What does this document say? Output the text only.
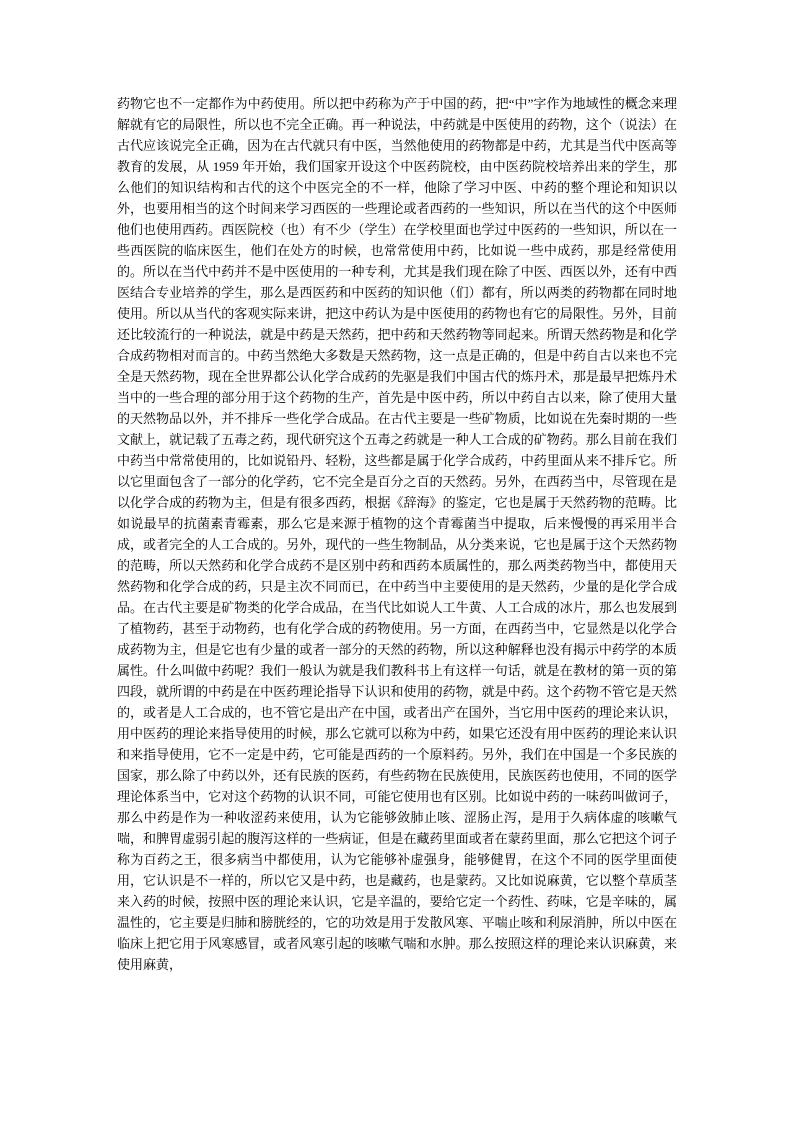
药物它也不一定都作为中药使用。所以把中药称为产于中国的药，把“中”字作为地域性的概念来理解就有它的局限性，所以也不完全正确。再一种说法，中药就是中医使用的药物，这个（说法）在古代应该说完全正确，因为在古代就只有中医，当然他使用的药物都是中药，尤其是当代中医高等教育的发展，从 1959 年开始，我们国家开设这个中医药院校，由中医药院校培养出来的学生，那么他们的知识结构和古代的这个中医完全的不一样，他除了学习中医、中药的整个理论和知识以外，也要用相当的这个时间来学习西医的一些理论或者西药的一些知识，所以在当代的这个中医师他们也使用西药。西医院校（也）有不少（学生）在学校里面也学过中医药的一些知识，所以在一些西医院的临床医生，他们在处方的时候，也常常使用中药，比如说一些中成药，那是经常使用的。所以在当代中药并不是中医使用的一种专利，尤其是我们现在除了中医、西医以外，还有中西医结合专业培养的学生，那么是西医药和中医药的知识他（们）都有，所以两类的药物都在同时地使用。所以从当代的客观实际来讲，把这中药认为是中医使用的药物也有它的局限性。另外，目前还比较流行的一种说法，就是中药是天然药，把中药和天然药物等同起来。所谓天然药物是和化学合成药物相对而言的。中药当然绝大多数是天然药物，这一点是正确的，但是中药自古以来也不完全是天然药物，现在全世界都公认化学合成药的先驱是我们中国古代的炼丹术，那是最早把炼丹术当中的一些合理的部分用于这个药物的生产，首先是中医中药，所以中药自古以来，除了使用大量的天然物品以外，并不排斥一些化学合成品。在古代主要是一些矿物质，比如说在先秦时期的一些文献上，就记载了五毒之药，现代研究这个五毒之药就是一种人工合成的矿物药。那么目前在我们中药当中常常使用的，比如说铅丹、轻粉，这些都是属于化学合成药，中药里面从来不排斥它。所以它里面包含了一部分的化学药，它不完全是百分之百的天然药。另外，在西药当中，尽管现在是以化学合成的药物为主，但是有很多西药，根据《辞海》的鉴定，它也是属于天然药物的范畴。比如说最早的抗菌素青霉素，那么它是来源于植物的这个青霉菌当中提取，后来慢慢的再采用半合成，或者完全的人工合成的。另外，现代的一些生物制品，从分类来说，它也是属于这个天然药物的范畴，所以天然药和化学合成药不是区别中药和西药本质属性的，那么两类药物当中，都使用天然药物和化学合成的药，只是主次不同而已，在中药当中主要使用的是天然药，少量的是化学合成品。在古代主要是矿物类的化学合成品，在当代比如说人工牛黄、人工合成的冰片，那么也发展到了植物药，甚至于动物药，也有化学合成的药物使用。另一方面，在西药当中，它显然是以化学合成药物为主，但是它也有少量的或者一部分的天然的药物，所以这种解释也没有揭示中药学的本质属性。什么叫做中药呢？我们一般认为就是我们教科书上有这样一句话，就是在教材的第一页的第四段，就所谓的中药是在中医药理论指导下认识和使用的药物，就是中药。这个药物不管它是天然的，或者是人工合成的，也不管它是出产在中国，或者出产在国外，当它用中医药的理论来认识，用中医药的理论来指导使用的时候，那么它就可以称为中药，如果它还没有用中医药的理论来认识和来指导使用，它不一定是中药，它可能是西药的一个原料药。另外，我们在中国是一个多民族的国家，那么除了中药以外，还有民族的医药，有些药物在民族使用，民族医药也使用，不同的医学理论体系当中，它对这个药物的认识不同，可能它使用也有区别。比如说中药的一味药叫做诃子，那么中药是作为一种收涩药来使用，认为它能够敛肺止咳、涩肠止泻，是用于久病体虚的咳嗽气喘，和脾胃虚弱引起的腹泻这样的一些病证，但是在藏药里面或者在蒙药里面，那么它把这个诃子称为百药之王，很多病当中都使用，认为它能够补虚强身，能够健胃，在这个不同的医学里面使用，它认识是不一样的，所以它又是中药，也是藏药，也是蒙药。又比如说麻黄，它以整个草质茎来入药的时候，按照中医的理论来认识，它是辛温的，要给它定一个药性、药味，它是辛味的，属温性的，它主要是归肺和膀胱经的，它的功效是用于发散风寒、平喘止咳和利尿消肿，所以中医在临床上把它用于风寒感冒，或者风寒引起的咳嗽气喘和水肿。那么按照这样的理论来认识麻黄，来使用麻黄，
